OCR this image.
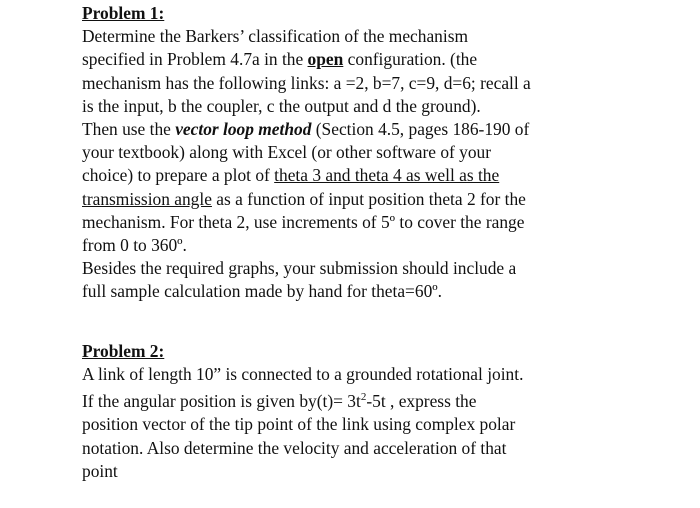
Problem 1:
Determine the Barkers’ classification of the mechanism
specified in Problem 4.7a in the open configuration. (the
mechanism has the following links: a =2, b=7, c=9, d=6; recall a
is the input, b the coupler, c the output and d the ground).
Then use the vector loop method (Section 4.5, pages 186-190 of
your textbook) along with Excel (or other software of your
choice) to prepare a plot of theta 3 and theta 4 as well as the
transmission angle as a function of input position theta 2 for the
mechanism. For theta 2, use increments of 5º to cover the range
from 0 to 360º.
Besides the required graphs, your submission should include a
full sample calculation made by hand for theta=60º.
Problem 2:
A link of length 10” is connected to a grounded rotational joint.
If the angular position is given $by(t)= 3t^2-5t$ , express the
position vector of the tip point of the link using complex polar
notation. Also determine the velocity and acceleration of that
point
